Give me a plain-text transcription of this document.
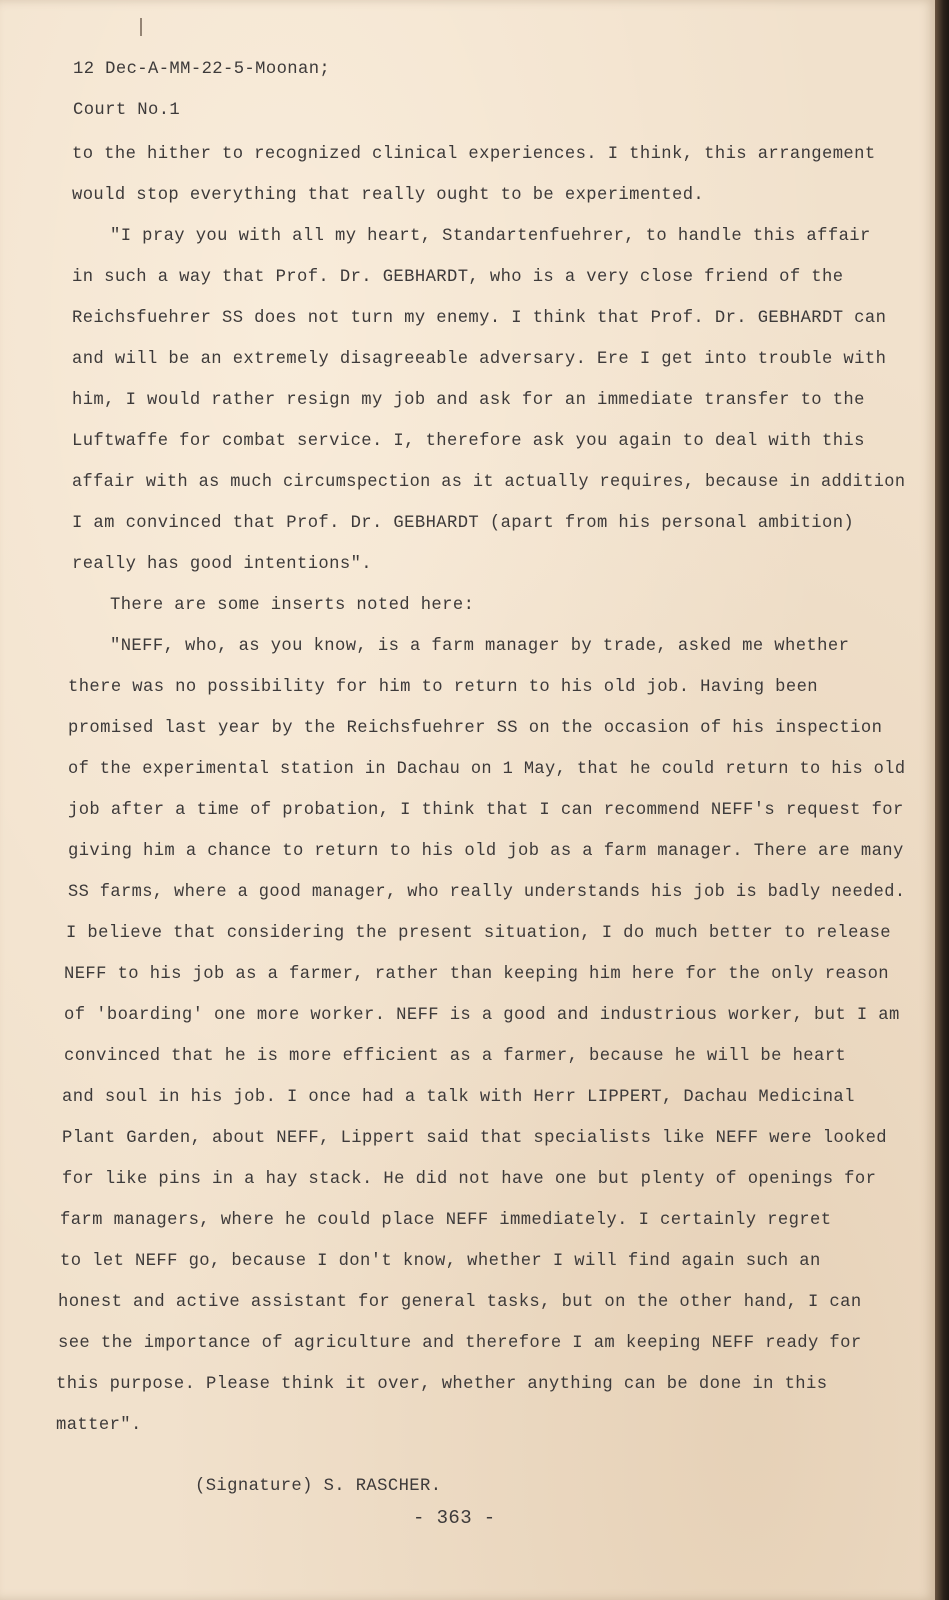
12 Dec-A-MM-22-5-Moonan;
Court No.1
to the hither to recognized clinical experiences. I think, this arrangement
would stop everything that really ought to be experimented.
"I pray you with all my heart, Standartenfuehrer, to handle this affair
in such a way that Prof. Dr. GEBHARDT, who is a very close friend of the
Reichsfuehrer SS does not turn my enemy. I think that Prof. Dr. GEBHARDT can
and will be an extremely disagreeable adversary. Ere I get into trouble with
him, I would rather resign my job and ask for an immediate transfer to the
Luftwaffe for combat service. I, therefore ask you again to deal with this
affair with as much circumspection as it actually requires, because in addition
I am convinced that Prof. Dr. GEBHARDT (apart from his personal ambition)
really has good intentions".
There are some inserts noted here:
"NEFF, who, as you know, is a farm manager by trade, asked me whether
there was no possibility for him to return to his old job. Having been
promised last year by the Reichsfuehrer SS on the occasion of his inspection
of the experimental station in Dachau on 1 May, that he could return to his old
job after a time of probation, I think that I can recommend NEFF's request for
giving him a chance to return to his old job as a farm manager. There are many
SS farms, where a good manager, who really understands his job is badly needed.
I believe that considering the present situation, I do much better to release
NEFF to his job as a farmer, rather than keeping him here for the only reason
of 'boarding' one more worker. NEFF is a good and industrious worker, but I am
convinced that he is more efficient as a farmer, because he will be heart
and soul in his job. I once had a talk with Herr LIPPERT, Dachau Medicinal
Plant Garden, about NEFF, Lippert said that specialists like NEFF were looked
for like pins in a hay stack. He did not have one but plenty of openings for
farm managers, where he could place NEFF immediately. I certainly regret
to let NEFF go, because I don't know, whether I will find again such an
honest and active assistant for general tasks, but on the other hand, I can
see the importance of agriculture and therefore I am keeping NEFF ready for
this purpose. Please think it over, whether anything can be done in this
matter".
(Signature) S. RASCHER.
- 363 -
